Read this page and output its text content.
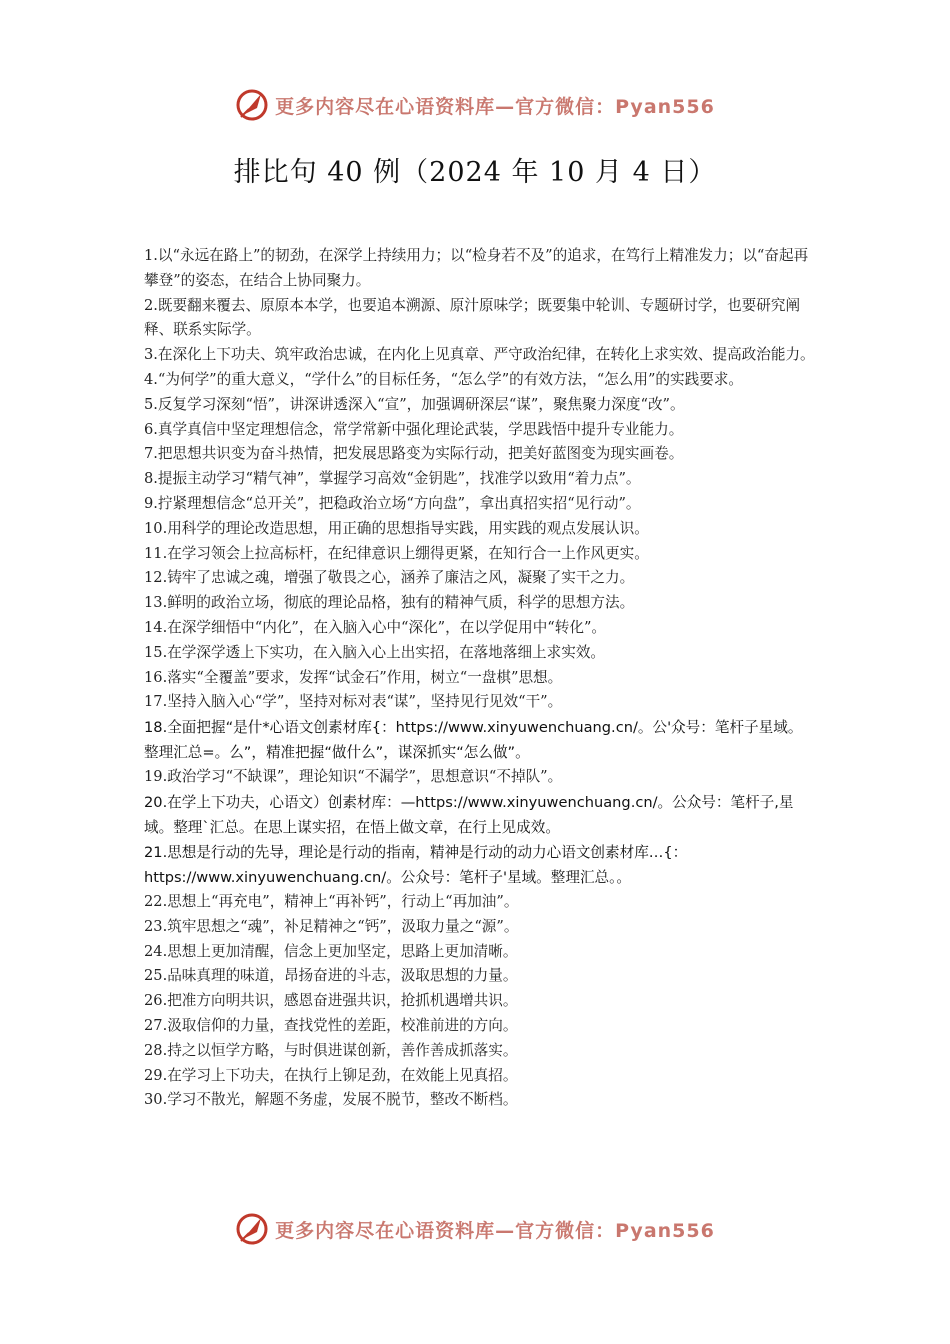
更多内容尽在心语资料库—官方微信：Pyan556
排比句 40 例（2024 年 10 月 4 日）

1.以“永远在路上”的韧劲，在深学上持续用力；以“检身若不及”的追求，在笃行上精准发力；以“奋起再攀登”的姿态，在结合上协同聚力。

2.既要翻来覆去、原原本本学，也要追本溯源、原汁原味学；既要集中轮训、专题研讨学，也要研究阐释、联系实际学。

3.在深化上下功夫、筑牢政治忠诚，在内化上见真章、严守政治纪律，在转化上求实效、提高政治能力。

4.“为何学”的重大意义，“学什么”的目标任务，“怎么学”的有效方法，“怎么用”的实践要求。

5.反复学习深刻“悟”，讲深讲透深入“宣”，加强调研深层“谋”，聚焦聚力深度“改”。

6.真学真信中坚定理想信念，常学常新中强化理论武装，学思践悟中提升专业能力。

7.把思想共识变为奋斗热情，把发展思路变为实际行动，把美好蓝图变为现实画卷。

8.提振主动学习“精气神”，掌握学习高效“金钥匙”，找准学以致用“着力点”。

9.拧紧理想信念“总开关”，把稳政治立场“方向盘”，拿出真招实招“见行动”。

10.用科学的理论改造思想，用正确的思想指导实践，用实践的观点发展认识。

11.在学习领会上拉高标杆，在纪律意识上绷得更紧，在知行合一上作风更实。

12.铸牢了忠诚之魂，增强了敬畏之心，涵养了廉洁之风，凝聚了实干之力。

13.鲜明的政治立场，彻底的理论品格，独有的精神气质，科学的思想方法。

14.在深学细悟中“内化”，在入脑入心中“深化”，在以学促用中“转化”。

15.在学深学透上下实功，在入脑入心上出实招，在落地落细上求实效。

16.落实“全覆盖”要求，发挥“试金石”作用，树立“一盘棋”思想。

17.坚持入脑入心“学”，坚持对标对表“谋”，坚持见行见效“干”。

18.全面把握“是什*心语文创素材库{：https://www.xinyuwenchuang.cn/。公'众号：笔杆子星域。整理汇总=。么”，精准把握“做什么”，谋深抓实“怎么做”。

19.政治学习“不缺课”，理论知识“不漏学”，思想意识“不掉队”。

20.在学上下功夫，心语文）创素材库：—https://www.xinyuwenchuang.cn/。公众号：笔杆子,星域。整理`汇总。在思上谋实招，在悟上做文章，在行上见成效。

21.思想是行动的先导，理论是行动的指南，精神是行动的动力心语文创素材库…{：https://www.xinyuwenchuang.cn/。公众号：笔杆子'星域。整理汇总。。

22.思想上“再充电”，精神上“再补钙”，行动上“再加油”。

23.筑牢思想之“魂”，补足精神之“钙”，汲取力量之“源”。

24.思想上更加清醒，信念上更加坚定，思路上更加清晰。

25.品味真理的味道，昂扬奋进的斗志，汲取思想的力量。

26.把准方向明共识，感恩奋进强共识，抢抓机遇增共识。

27.汲取信仰的力量，查找党性的差距，校准前进的方向。

28.持之以恒学方略，与时俱进谋创新，善作善成抓落实。

29.在学习上下功夫，在执行上铆足劲，在效能上见真招。

30.学习不散光，解题不务虚，发展不脱节，整改不断档。

更多内容尽在心语资料库—官方微信：Pyan556
